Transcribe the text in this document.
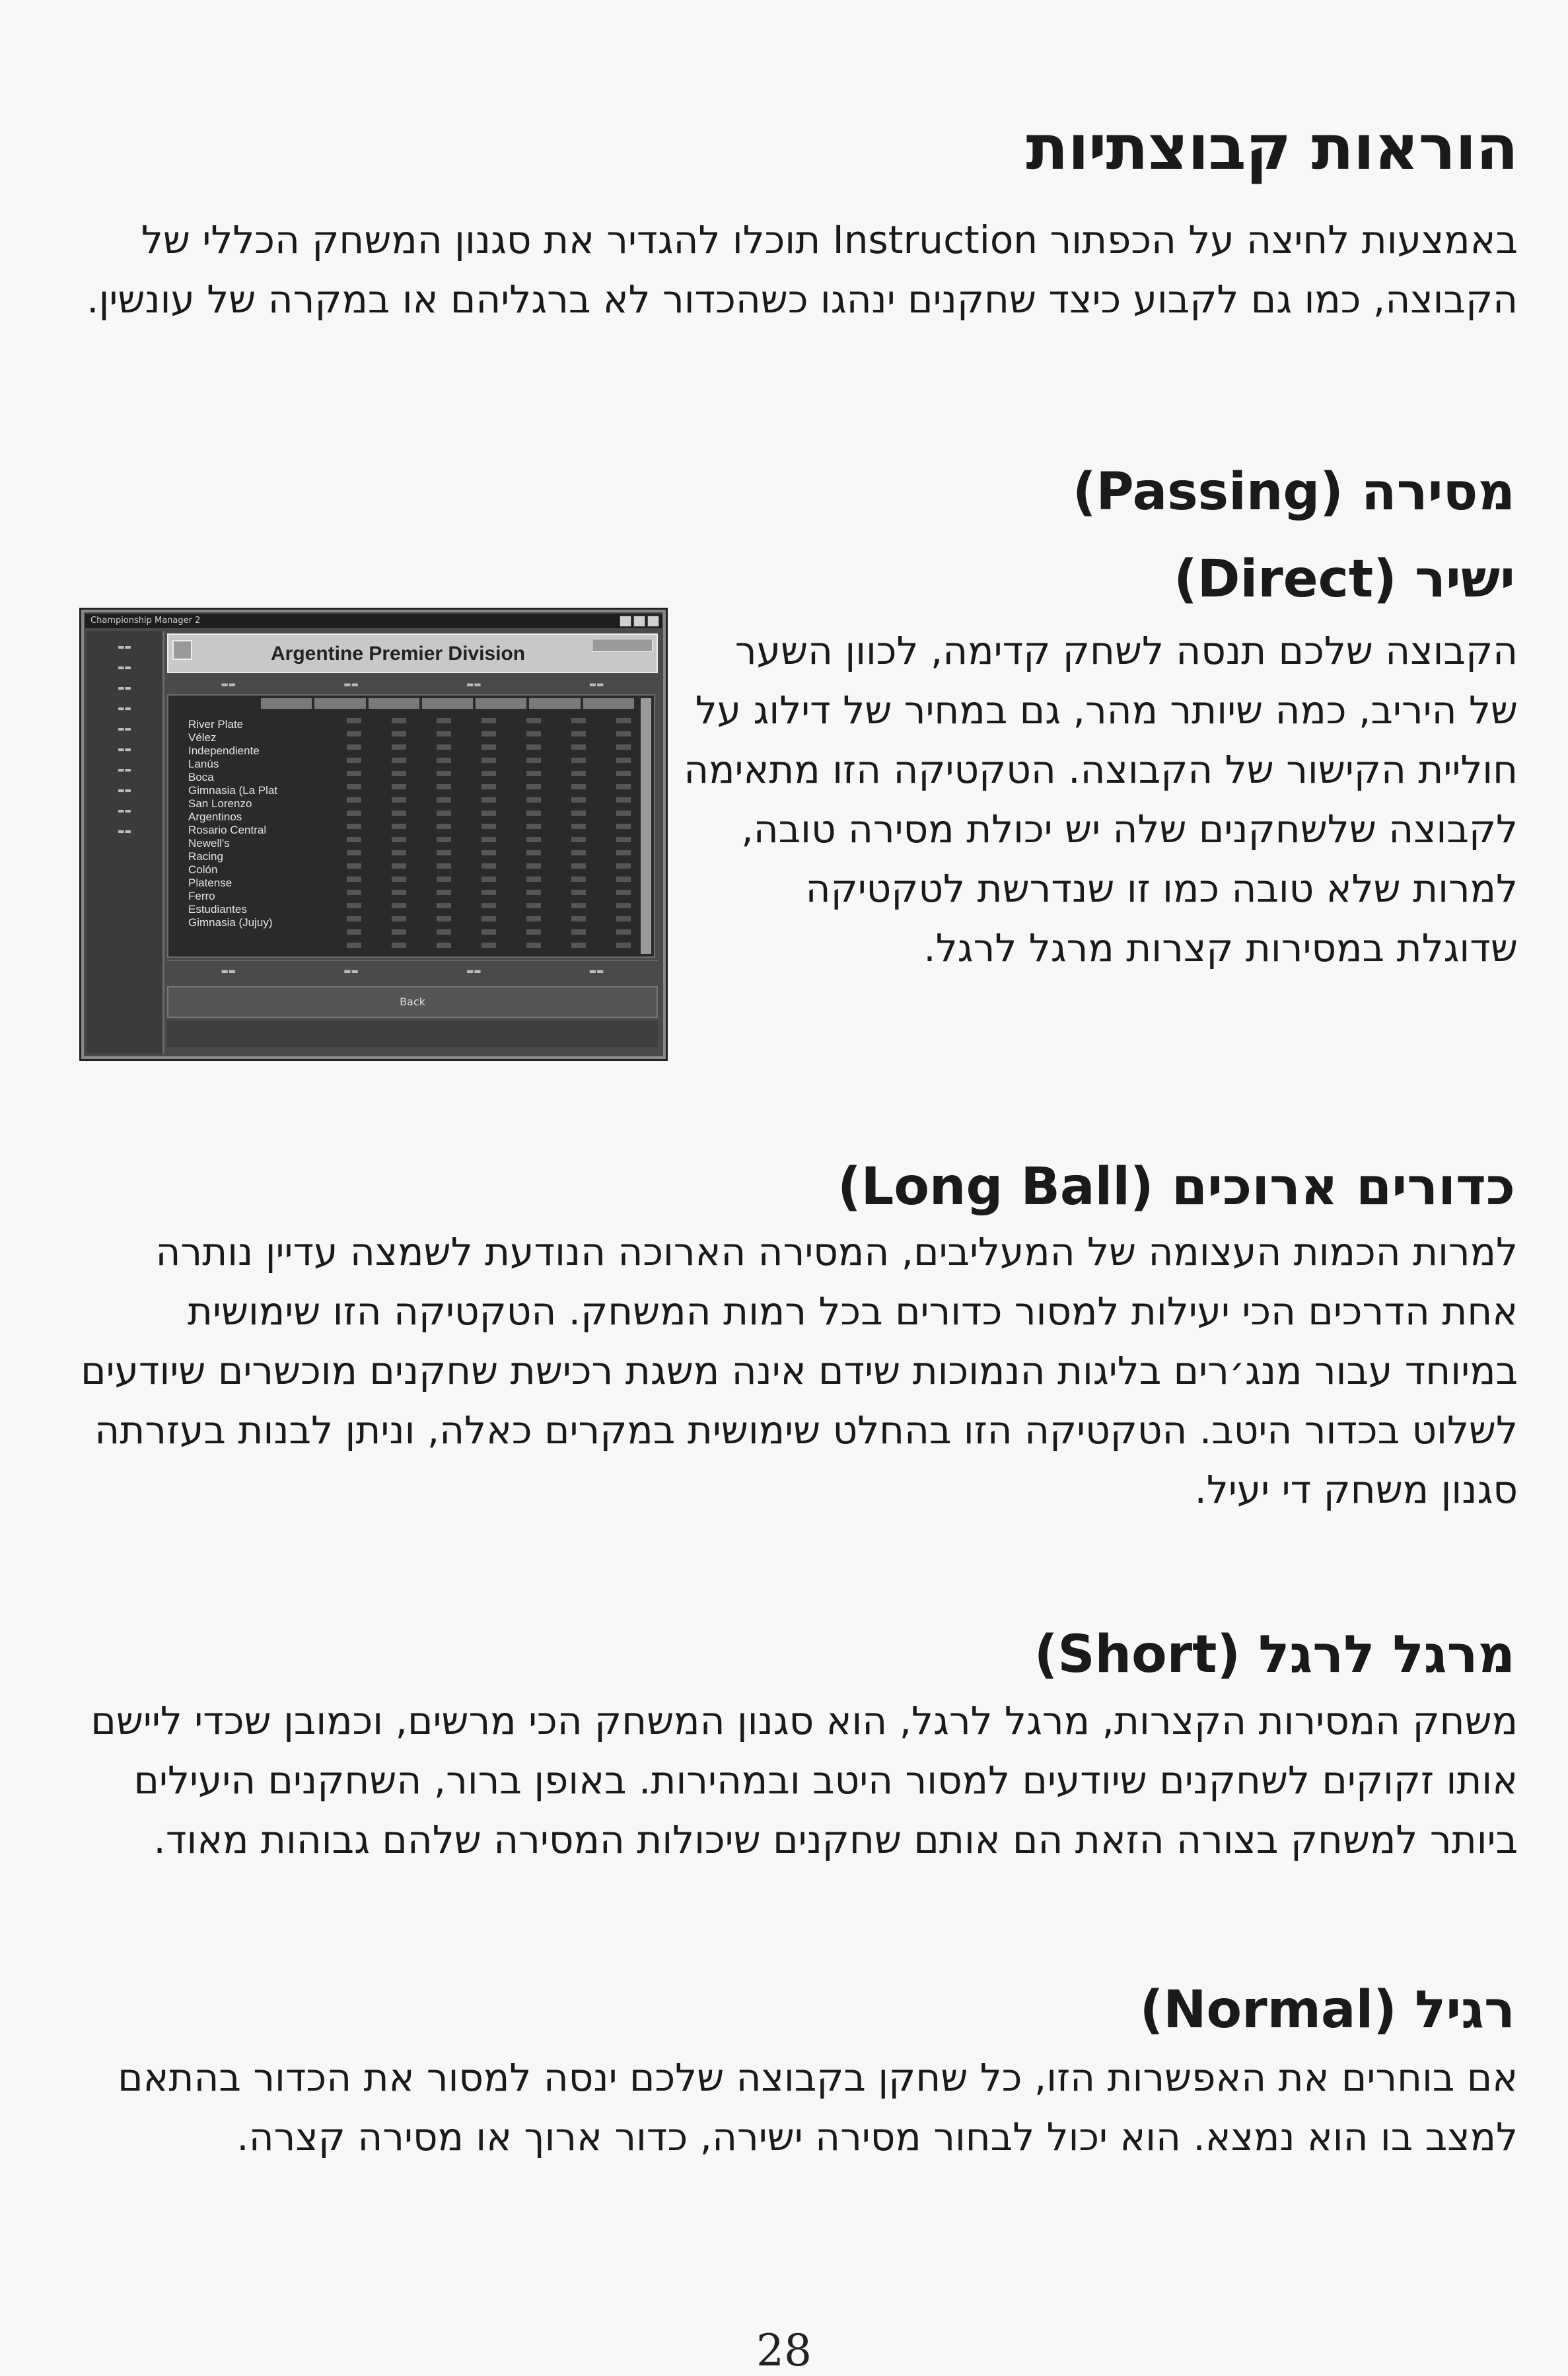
הוראות קבוצתיות

באמצעות לחיצה על הכפתור Instruction תוכלו להגדיר את סגנון המשחק הכללי של הקבוצה, כמו גם לקבוע כיצד שחקנים ינהגו כשהכדור לא ברגליהם או במקרה של עונשין.

מסירה (Passing)
ישיר (Direct)
Championship Manager 2
▬▬
▬▬
▬▬
▬▬
▬▬
▬▬
▬▬
▬▬
▬▬
▬▬
Argentine Premier Division
▬▬	▬▬	▬▬	▬▬
River Plate
Vélez
Independiente
Lanús
Boca
Gimnasia (La Plat
San Lorenzo
Argentinos
Rosario Central
Newell's
Racing
Colón
Platense
Ferro
Estudiantes
Gimnasia (Jujuy)
▬▬	▬▬	▬▬	▬▬
Back

הקבוצה שלכם תנסה לשחק קדימה, לכוון השער של היריב, כמה שיותר מהר, גם במחיר של דילוג על חוליית הקישור של הקבוצה. הטקטיקה הזו מתאימה לקבוצה שלשחקנים שלה יש יכולת מסירה טובה, למרות שלא טובה כמו זו שנדרשת לטקטיקה שדוגלת במסירות קצרות מרגל לרגל.

כדורים ארוכים (Long Ball)

למרות הכמות העצומה של המעליבים, המסירה הארוכה הנודעת לשמצה עדיין נותרה אחת הדרכים הכי יעילות למסור כדורים בכל רמות המשחק. הטקטיקה הזו שימושית במיוחד עבור מנג׳רים בליגות הנמוכות שידם אינה משגת רכישת שחקנים מוכשרים שיודעים לשלוט בכדור היטב. הטקטיקה הזו בהחלט שימושית במקרים כאלה, וניתן לבנות בעזרתה סגנון משחק די יעיל.

מרגל לרגל (Short)

משחק המסירות הקצרות, מרגל לרגל, הוא סגנון המשחק הכי מרשים, וכמובן שכדי ליישם אותו זקוקים לשחקנים שיודעים למסור היטב ובמהירות. באופן ברור, השחקנים היעילים ביותר למשחק בצורה הזאת הם אותם שחקנים שיכולות המסירה שלהם גבוהות מאוד.

רגיל (Normal)

אם בוחרים את האפשרות הזו, כל שחקן בקבוצה שלכם ינסה למסור את הכדור בהתאם למצב בו הוא נמצא. הוא יכול לבחור מסירה ישירה, כדור ארוך או מסירה קצרה.

28
